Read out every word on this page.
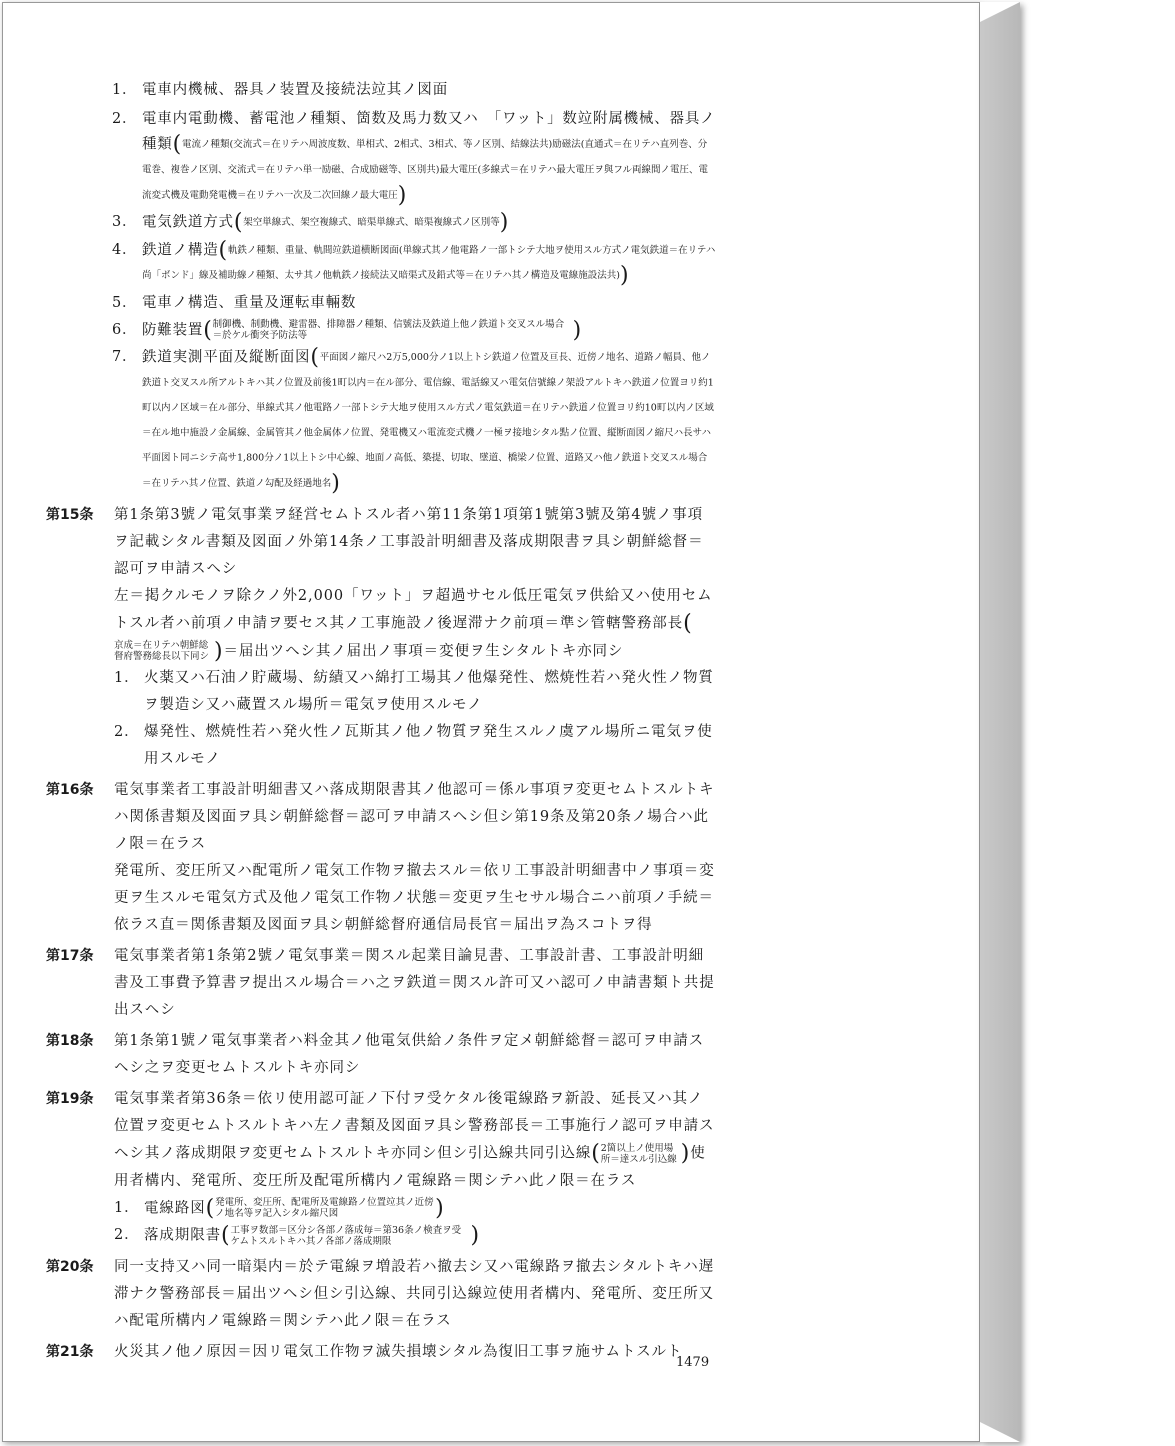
1． 電車内機械、器具ノ装置及接続法竝其ノ図面
2． 電車内電動機、蓄電池ノ種類、箇数及馬力数又ハ　「ワット」数竝附属機械、器具ノ種類(電流ノ種類(交流式＝在リテハ周波度数、単相式、2相式、3相式、等ノ区別、結線法共)励磁法(直通式＝在リテハ直列巻、分電巻、複巻ノ区別、交流式＝在リテハ単一励磁、合成励磁等、区別共)最大電圧(多線式＝在リテハ最大電圧ヲ與フル両線間ノ電圧、電流変式機及電動発電機＝在リテハ一次及二次回線ノ最大電圧)
3． 電気鉄道方式(架空単線式、架空複線式、暗渠単線式、暗渠複線式ノ区別等)
4． 鉄道ノ構造(軌鉄ノ種類、重量、軌間竝鉄道横断図面(単線式其ノ他電路ノ一部トシテ大地ヲ使用スル方式ノ電気鉄道＝在リテハ尚「ボンド」線及補助線ノ種類、太サ其ノ他軌鉄ノ接続法又暗渠式及鉛式等＝在リテハ其ノ構造及電線施設法共))
5． 電車ノ構造、重量及運転車輛数
6． 防難装置(制御機、制動機、避雷器、排障器ノ種類、信號法及鉄道上他ノ鉄道ト交叉スル場合＝於ケル衝突予防法等	)
7． 鉄道実測平面及縦断面図(平面図ノ縮尺ハ2万5,000分ノ1以上トシ鉄道ノ位置及亘長、近傍ノ地名、道路ノ幅員、他ノ鉄道ト交叉スル所アルトキハ其ノ位置及前後1町以内＝在ル部分、電信線、電話線又ハ電気信號線ノ架設アルトキハ鉄道ノ位置ヨリ約1町以内ノ区域＝在ル部分、単線式其ノ他電路ノ一部トシテ大地ヲ使用スル方式ノ電気鉄道＝在リテハ鉄道ノ位置ヨリ約10町以内ノ区域＝在ル地中施設ノ金属線、金属管其ノ他金属体ノ位置、発電機又ハ電流変式機ノ一極ヲ接地シタル點ノ位置、縦断面図ノ縮尺ハ長サハ平面図ト同ニシテ高サ1,800分ノ1以上トシ中心線、地面ノ高低、築提、切取、墜道、橋梁ノ位置、道路又ハ他ノ鉄道ト交叉スル場合＝在リテハ其ノ位置、鉄道ノ勾配及経過地名)
第15条 第1条第3號ノ電気事業ヲ経営セムトスル者ハ第11条第1項第1號第3號及第4號ノ事項ヲ記載シタル書類及図面ノ外第14条ノ工事設計明細書及落成期限書ヲ具シ朝鮮総督＝認可ヲ申請スヘシ
左＝掲クルモノヲ除クノ外2,000「ワット」ヲ超過サセル低圧電気ヲ供給又ハ使用セムトスル者ハ前項ノ申請ヲ要セス其ノ工事施設ノ後遅滞ナク前項＝準シ管轄警務部長(京成＝在リテハ朝鮮総督府警務総長以下同シ )＝届出ツヘシ其ノ届出ノ事項＝変便ヲ生シタルトキ亦同シ
1． 火薬又ハ石油ノ貯蔵場、紡績又ハ綿打工場其ノ他爆発性、燃焼性若ハ発火性ノ物質ヲ製造シ又ハ蔵置スル場所＝電気ヲ使用スルモノ
2． 爆発性、燃焼性若ハ発火性ノ瓦斯其ノ他ノ物質ヲ発生スルノ虞アル場所ニ電気ヲ使用スルモノ
第16条 電気事業者工事設計明細書又ハ落成期限書其ノ他認可＝係ル事項ヲ変更セムトスルトキハ関係書類及図面ヲ具シ朝鮮総督＝認可ヲ申請スヘシ但シ第19条及第20条ノ場合ハ此ノ限＝在ラス
発電所、変圧所又ハ配電所ノ電気工作物ヲ撤去スル＝依リ工事設計明細書中ノ事項＝変更ヲ生スルモ電気方式及他ノ電気工作物ノ状態＝変更ヲ生セサル場合ニハ前項ノ手続＝依ラス直＝関係書類及図面ヲ具シ朝鮮総督府通信局長官＝届出ヲ為スコトヲ得
第17条 電気事業者第1条第2號ノ電気事業＝関スル起業目論見書、工事設計書、工事設計明細書及工事費予算書ヲ提出スル場合＝ハ之ヲ鉄道＝関スル許可又ハ認可ノ申請書類ト共提出スヘシ
第18条 第1条第1號ノ電気事業者ハ料金其ノ他電気供給ノ条件ヲ定メ朝鮮総督＝認可ヲ申請スヘシ之ヲ変更セムトスルトキ亦同シ
第19条 電気事業者第36条＝依リ使用認可証ノ下付ヲ受ケタル後電線路ヲ新設、延長又ハ其ノ位置ヲ変更セムトスルトキハ左ノ書類及図面ヲ具シ警務部長＝工事施行ノ認可ヲ申請スヘシ其ノ落成期限ヲ変更セムトスルトキ亦同シ但シ引込線共同引込線(2箇以上ノ使用場所＝達スル引込線 )使用者構内、発電所、変圧所及配電所構内ノ電線路＝関シテハ此ノ限＝在ラス
1． 電線路図(発電所、変圧所、配電所及電線路ノ位置竝其ノ近傍ノ地名等ヲ記入シタル縮尺図	)
2． 落成期限書(工事ヲ数部＝区分シ各部ノ落成毎＝第36条ノ検査ヲ受ケムトスルトキハ其ノ各部ノ落成期限	)
第20条 同一支持又ハ同一暗渠内＝於テ電線ヲ増設若ハ撤去シ又ハ電線路ヲ撤去シタルトキハ遅滞ナク警務部長＝届出ツヘシ但シ引込線、共同引込線竝使用者構内、発電所、変圧所又ハ配電所構内ノ電線路＝関シテハ此ノ限＝在ラス
第21条 火災其ノ他ノ原因＝因リ電気工作物ヲ滅失損壊シタル為復旧工事ヲ施サムトスルト
1479
